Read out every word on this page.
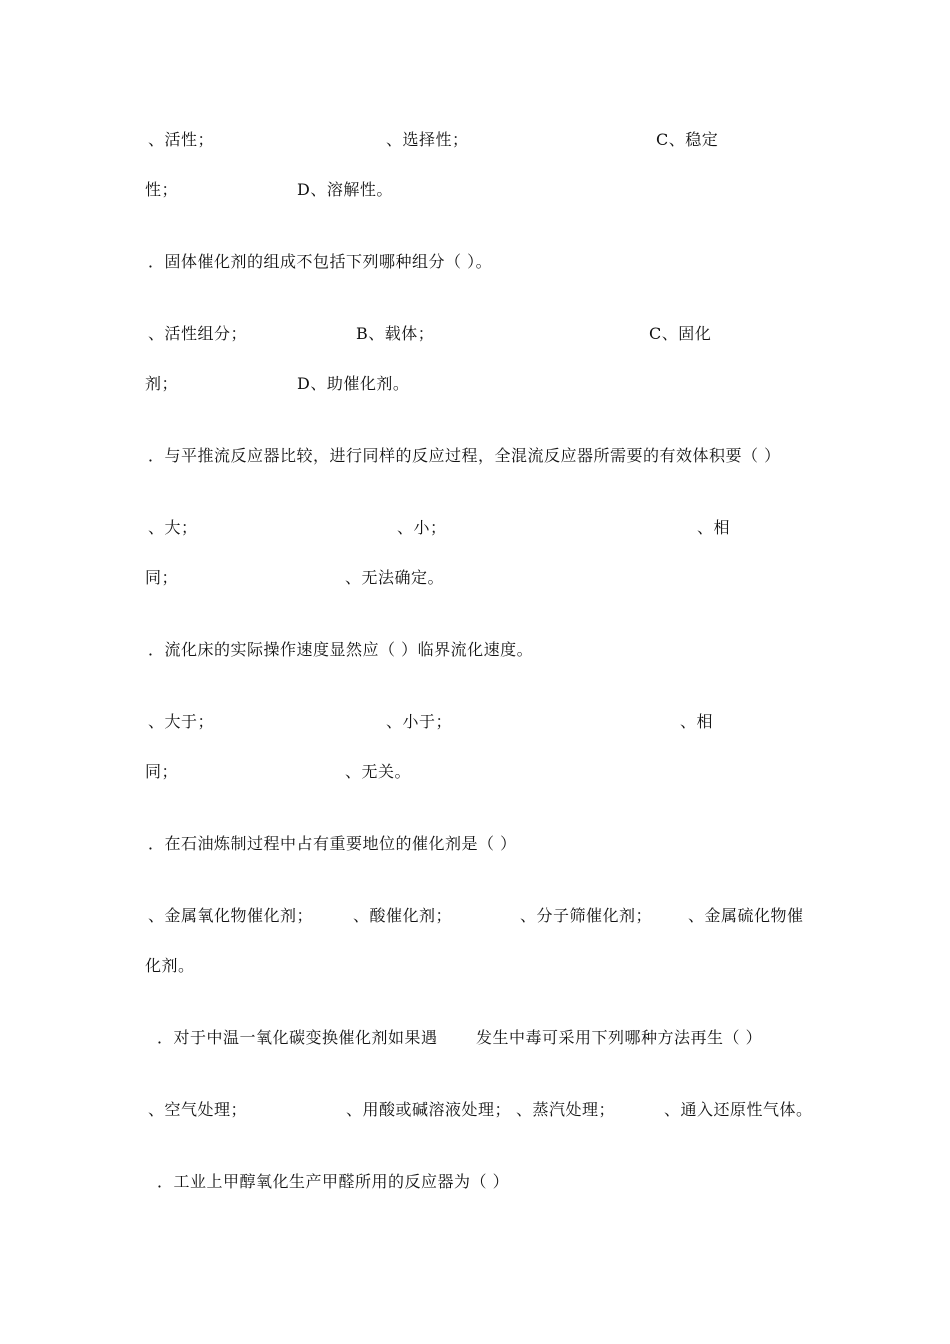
、活性；	、选择性；	C、稳定
性；	D、溶解性。
．固体催化剂的组成不包括下列哪种组分（ ）。
、活性组分；	B、载体；	C、固化
剂；	D、助催化剂。
．与平推流反应器比较，进行同样的反应过程，全混流反应器所需要的有效体积要（ ）
、大；	、小；	、相
同；	、无法确定。
．流化床的实际操作速度显然应（ ）临界流化速度。
、大于；	、小于；	、相
同；	、无关。
．在石油炼制过程中占有重要地位的催化剂是（ ）
、金属氧化物催化剂； 、酸催化剂；	、分子筛催化剂； 、金属硫化物催
化剂。
．对于中温一氧化碳变换催化剂如果遇 发生中毒可采用下列哪种方法再生（ ）
、空气处理；	、用酸或碱溶液处理； 、蒸汽处理；	、通入还原性气体。
．工业上甲醇氧化生产甲醛所用的反应器为（ ）
